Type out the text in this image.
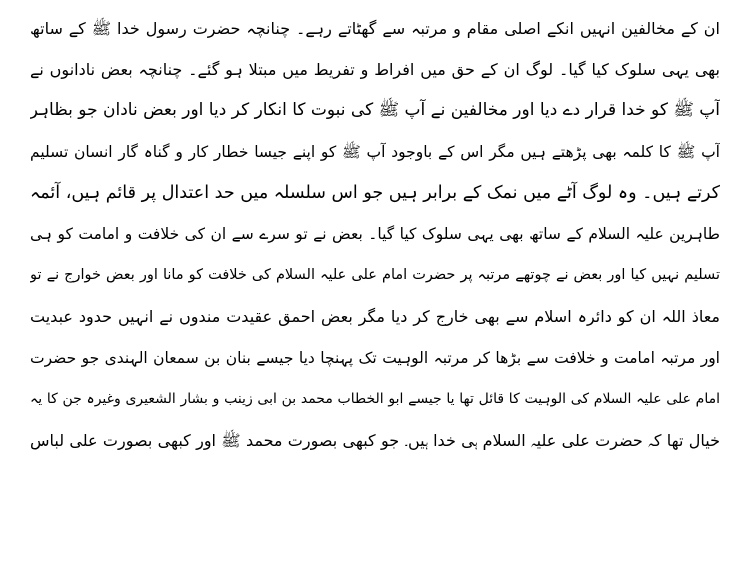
ان کے مخالفین انہیں انکے اصلی مقام و مرتبہ سے گھٹاتے رہے۔ چنانچہ حضرت رسول خدا ﷺ کے ساتھ
بھی یہی سلوک کیا گیا۔ لوگ ان کے حق میں افراط و تفریط میں مبتلا ہو گئے۔ چنانچہ بعض نادانوں نے
آپ ﷺ کو خدا قرار دے دیا اور مخالفین نے آپ ﷺ کی نبوت کا انکار کر دیا اور بعض نادان جو بظاہر
آپ ﷺ کا کلمہ بھی پڑھتے ہیں مگر اس کے باوجود آپ ﷺ کو اپنے جیسا خطار کار و گناہ گار انسان تسلیم
کرتے ہیں۔ وہ لوگ آٹے میں نمک کے برابر ہیں جو اس سلسلہ میں حد اعتدال پر قائم ہیں، آئمہ
طاہرین علیہ السلام کے ساتھ بھی یہی سلوک کیا گیا۔ بعض نے تو سرے سے ان کی خلافت و امامت کو ہی
تسلیم نہیں کیا اور بعض نے چوتھے مرتبہ پر حضرت امام علی علیہ السلام کی خلافت کو مانا اور بعض خوارج نے تو
معاذ اللہ ان کو دائرہ اسلام سے بھی خارج کر دیا مگر بعض احمق عقیدت مندوں نے انہیں حدود عبدیت
اور مرتبہ امامت و خلافت سے بڑھا کر مرتبہ الوہیت تک پہنچا دیا جیسے بنان بن سمعان الہندی جو حضرت
امام علی علیہ السلام کی الوہیت کا قائل تھا یا جیسے ابو الخطاب محمد بن ابی زینب و بشار الشعیری وغیرہ جن کا یہ
خیال تھا کہ حضرت علی علیہ السلام ہی خدا ہیں۔ جو کبھی بصورت محمد ﷺ اور کبھی بصورت علی لباس
